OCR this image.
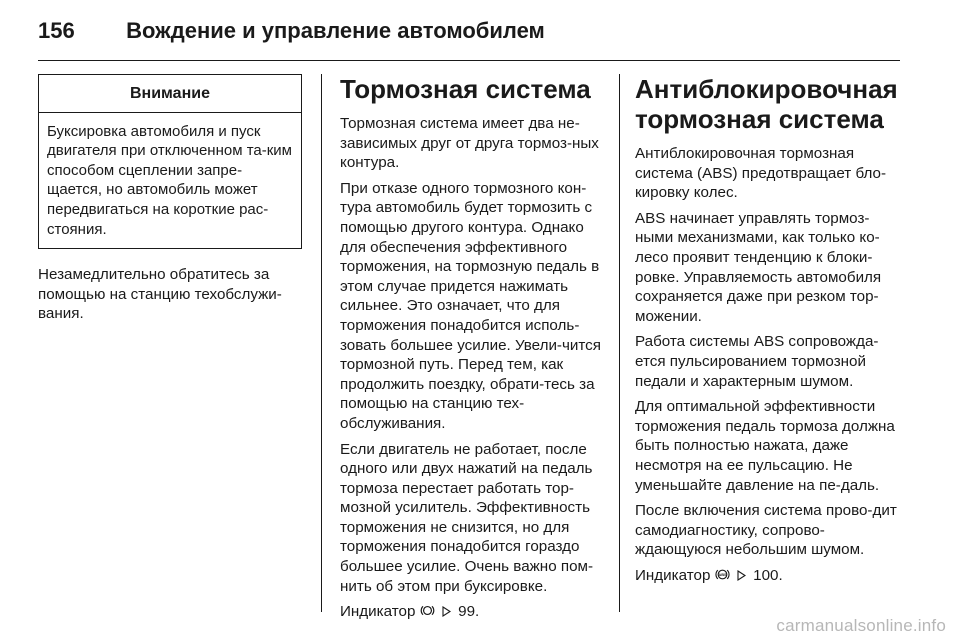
156 Вождение и управление автомобилем
Внимание
Буксировка автомобиля и пуск двигателя при отключенном та-ким способом сцеплении запре-щается, но автомобиль может передвигаться на короткие рас-стояния.

Незамедлительно обратитесь за помощью на станцию техобслужи-вания.

Тормозная система

Тормозная система имеет два не-зависимых друг от друга тормоз-ных контура.

При отказе одного тормозного кон-тура автомобиль будет тормозить с помощью другого контура. Однако для обеспечения эффективного торможения, на тормозную педаль в этом случае придется нажимать сильнее. Это означает, что для торможения понадобится исполь-зовать большее усилие. Увели-чится тормозной путь. Перед тем, как продолжить поездку, обрати-тесь за помощью на станцию тех-обслуживания.

Если двигатель не работает, после одного или двух нажатий на педаль тормоза перестает работать тор-мозной усилитель. Эффективность торможения не снизится, но для торможения понадобится гораздо большее усилие. Очень важно пом-нить об этом при буксировке.

Индикатор	99.

Антиблокировочная тормозная система

Антиблокировочная тормозная система (ABS) предотвращает бло-кировку колес.

ABS начинает управлять тормоз-ными механизмами, как только ко-лесо проявит тенденцию к блоки-ровке. Управляемость автомобиля сохраняется даже при резком тор-можении.

Работа системы ABS сопровожда-ется пульсированием тормозной педали и характерным шумом.

Для оптимальной эффективности торможения педаль тормоза должна быть полностью нажата, даже несмотря на ее пульсацию. Не уменьшайте давление на пе-даль.

После включения система прово-дит самодиагностику, сопрово-ждающуюся небольшим шумом.

Индикатор ABS 100.

carmanualsonline.info
